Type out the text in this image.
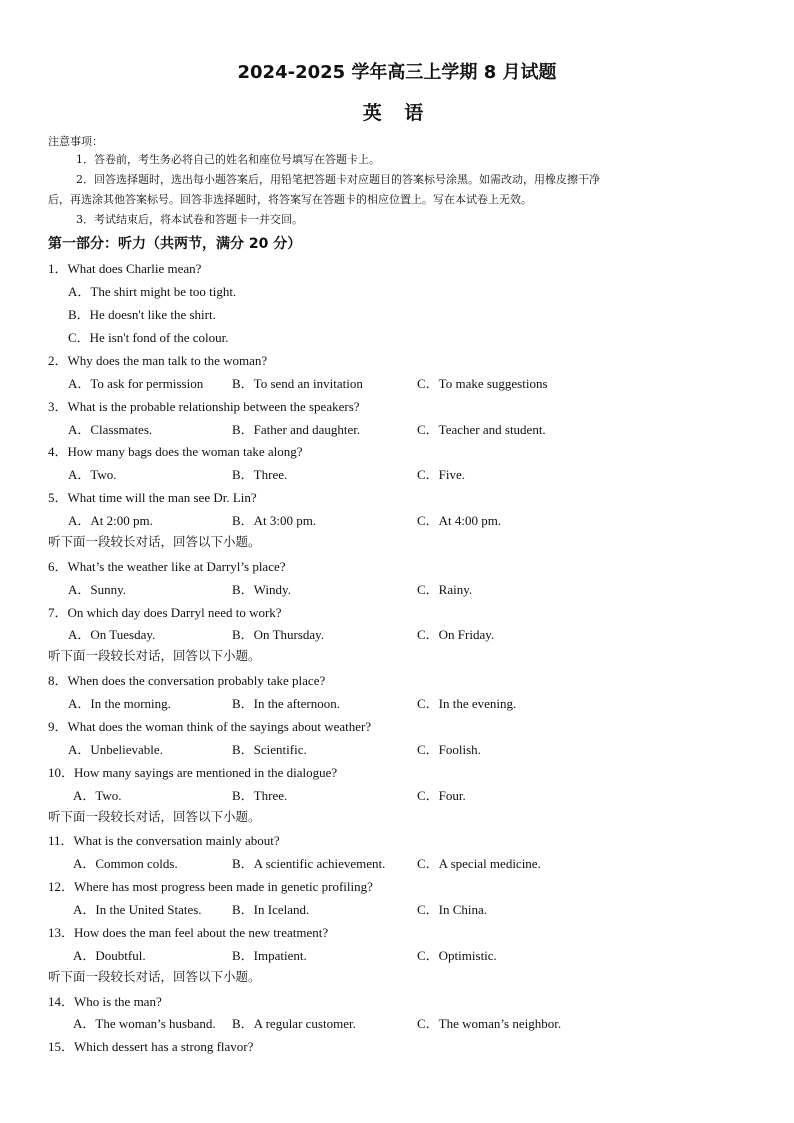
2024-2025 学年高三上学期 8 月试题
英 语
注意事项：
1．答卷前，考生务必将自己的姓名和座位号填写在答题卡上。
2．回答选择题时，选出每小题答案后，用铅笔把答题卡对应题目的答案标号涂黑。如需改动，用橡皮擦干净
后，再选涂其他答案标号。回答非选择题时，将答案写在答题卡的相应位置上。写在本试卷上无效。
3．考试结束后，将本试卷和答题卡一并交回。
第一部分：听力（共两节，满分 20 分）
1．What does Charlie mean?
A．The shirt might be too tight.
B．He doesn't like the shirt.
C．He isn't fond of the colour.
2．Why does the man talk to the woman?
A．To ask for permission B．To send an invitation	C．To make suggestions
3．What is the probable relationship between the speakers?
A．Classmates.	B．Father and daughter.	C．Teacher and student.
4．How many bags does the woman take along?
A．Two.	B．Three.	C．Five.
5．What time will the man see Dr. Lin?
A．At 2:00 pm.	B．At 3:00 pm.	C．At 4:00 pm.
听下面一段较长对话，回答以下小题。
6．What’s the weather like at Darryl’s place?
A．Sunny.	B．Windy.	C．Rainy.
7．On which day does Darryl need to work?
A．On Tuesday.	B．On Thursday.	C．On Friday.
听下面一段较长对话，回答以下小题。
8．When does the conversation probably take place?
A．In the morning.	B．In the afternoon.	C．In the evening.
9．What does the woman think of the sayings about weather?
A．Unbelievable.	B．Scientific.	C．Foolish.
10．How many sayings are mentioned in the dialogue?
A．Two.	B．Three.	C．Four.
听下面一段较长对话，回答以下小题。
11．What is the conversation mainly about?
A．Common colds.	B．A scientific achievement. C．A special medicine.
12．Where has most progress been made in genetic profiling?
A．In the United States. B．In Iceland.	C．In China.
13．How does the man feel about the new treatment?
A．Doubtful.	B．Impatient.	C．Optimistic.
听下面一段较长对话，回答以下小题。
14．Who is the man?
A．The woman’s husband. B．A regular customer.	C．The woman’s neighbor.
15．Which dessert has a strong flavor?
